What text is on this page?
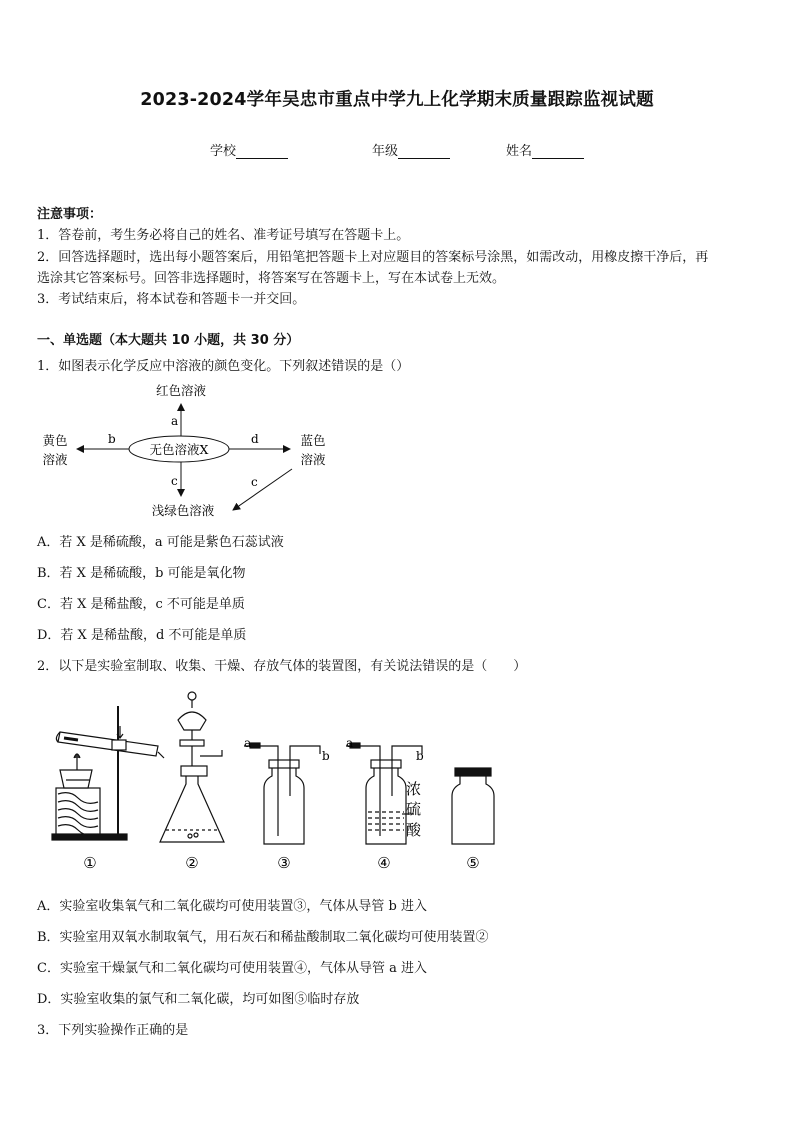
2023-2024学年吴忠市重点中学九上化学期末质量跟踪监视试题
学校	年级	姓名
注意事项：
1．答卷前，考生务必将自己的姓名、准考证号填写在答题卡上。
2．回答选择题时，选出每小题答案后，用铅笔把答题卡上对应题目的答案标号涂黑，如需改动，用橡皮擦干净后，再
选涂其它答案标号。回答非选择题时，将答案写在答题卡上，写在本试卷上无效。
3．考试结束后，将本试卷和答题卡一并交回。
一、单选题（本大题共 10 小题，共 30 分）
1．如图表示化学反应中溶液的颜色变化。下列叙述错误的是（）
无色溶液X
红色溶液
a
黄色
溶液
b	蓝色
溶液
d
c	c
浅绿色溶液
A．若 X 是稀硫酸，a 可能是紫色石蕊试液
B．若 X 是稀硫酸，b 可能是氧化物
C．若 X 是稀盐酸，c 不可能是单质
D．若 X 是稀盐酸，d 不可能是单质
2．以下是实验室制取、收集、干燥、存放气体的装置图，有关说法错误的是（　　）
①	②
a
b
③
a
b
浓
硫
酸
④	⑤
A．实验室收集氧气和二氧化碳均可使用装置③，气体从导管 b 进入
B．实验室用双氧水制取氧气，用石灰石和稀盐酸制取二氧化碳均可使用装置②
C．实验室干燥氯气和二氧化碳均可使用装置④，气体从导管 a 进入
D．实验室收集的氯气和二氧化碳，均可如图⑤临时存放
3．下列实验操作正确的是
